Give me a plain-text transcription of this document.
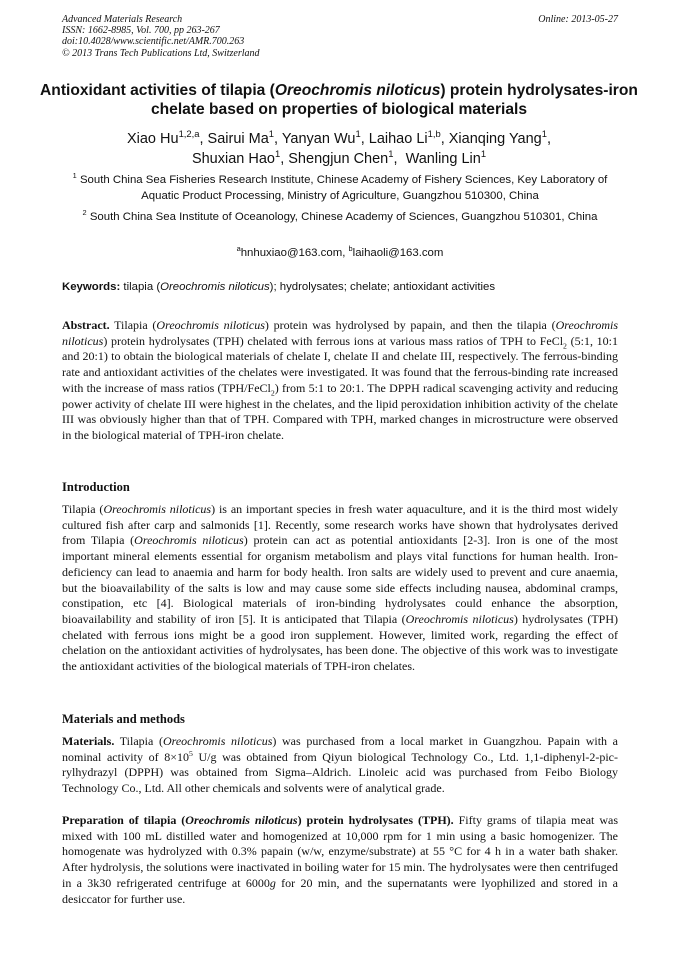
Advanced Materials Research
ISSN: 1662-8985, Vol. 700, pp 263-267
doi:10.4028/www.scientific.net/AMR.700.263
© 2013 Trans Tech Publications Ltd, Switzerland
Online: 2013-05-27
Antioxidant activities of tilapia (Oreochromis niloticus) protein hydrolysates-iron chelate based on properties of biological materials
Xiao Hu$^{1,2,a}$, Sairui Ma$^1$, Yanyan Wu$^1$, Laihao Li$^{1,b}$, Xianqing Yang$^1$,
Shuxian Hao$^1$, Shengjun Chen$^1$,  Wanling Lin$^1$
$^1$ South China Sea Fisheries Research Institute, Chinese Academy of Fishery Sciences, Key Laboratory of Aquatic Product Processing, Ministry of Agriculture, Guangzhou 510300, China
$^2$ South China Sea Institute of Oceanology, Chinese Academy of Sciences, Guangzhou 510301, China
$^a$hnhuxiao@163.com, $^b$laihaoli@163.com
Keywords: tilapia (Oreochromis niloticus); hydrolysates; chelate; antioxidant activities
Abstract. Tilapia (Oreochromis niloticus) protein was hydrolysed by papain, and then the tilapia (Oreochromis niloticus) protein hydrolysates (TPH) chelated with ferrous ions at various mass ratios of TPH to FeCl$_2$ (5:1, 10:1 and 20:1) to obtain the biological materials of chelate I, chelate II and chelate III, respectively. The ferrous-binding rate and antioxidant activities of the chelates were investigated. It was found that the ferrous-binding rate increased with the increase of mass ratios (TPH/FeCl$_2$) from 5:1 to 20:1. The DPPH radical scavenging activity and reducing power activity of chelate III were highest in the chelates, and the lipid peroxidation inhibition activity of the chelate III was obviously higher than that of TPH. Compared with TPH, marked changes in microstructure were observed in the biological material of TPH-iron chelate.
Introduction
Tilapia (Oreochromis niloticus) is an important species in fresh water aquaculture, and it is the third most widely cultured fish after carp and salmonids [1]. Recently, some research works have shown that hydrolysates derived from Tilapia (Oreochromis niloticus) protein can act as potential antioxidants [2-3]. Iron is one of the most important mineral elements essential for organism metabolism and plays vital functions for human health. Iron-deficiency can lead to anaemia and harm for body health. Iron salts are widely used to prevent and cure anaemia, but the bioavailability of the salts is low and may cause some side effects including nausea, abdominal cramps, constipation, etc [4]. Biological materials of iron-binding hydrolysates could enhance the absorption, bioavailability and stability of iron [5]. It is anticipated that Tilapia (Oreochromis niloticus) hydrolysates (TPH) chelated with ferrous ions might be a good iron supplement. However, limited work, regarding the effect of chelation on the antioxidant activities of hydrolysates, has been done. The objective of this work was to investigate the antioxidant activities of the biological materials of TPH-iron chelates.
Materials and methods
Materials. Tilapia (Oreochromis niloticus) was purchased from a local market in Guangzhou. Papain with a nominal activity of $8\times 10^5$ U/g was obtained from Qiyun biological Technology Co., Ltd. 1,1-diphenyl-2-pic-rylhydrazyl (DPPH) was obtained from Sigma–Aldrich. Linoleic acid was purchased from Feibo Biology Technology Co., Ltd. All other chemicals and solvents were of analytical grade.
Preparation of tilapia (Oreochromis niloticus) protein hydrolysates (TPH). Fifty grams of tilapia meat was mixed with 100 mL distilled water and homogenized at 10,000 rpm for 1 min using a basic homogenizer. The homogenate was hydrolyzed with 0.3% papain (w/w, enzyme/substrate) at 55 °C for 4 h in a water bath shaker. After hydrolysis, the solutions were inactivated in boiling water for 15 min. The hydrolysates were then centrifuged in a 3k30 refrigerated centrifuge at 6000g for 20 min, and the supernatants were lyophilized and stored in a desiccator for further use.
